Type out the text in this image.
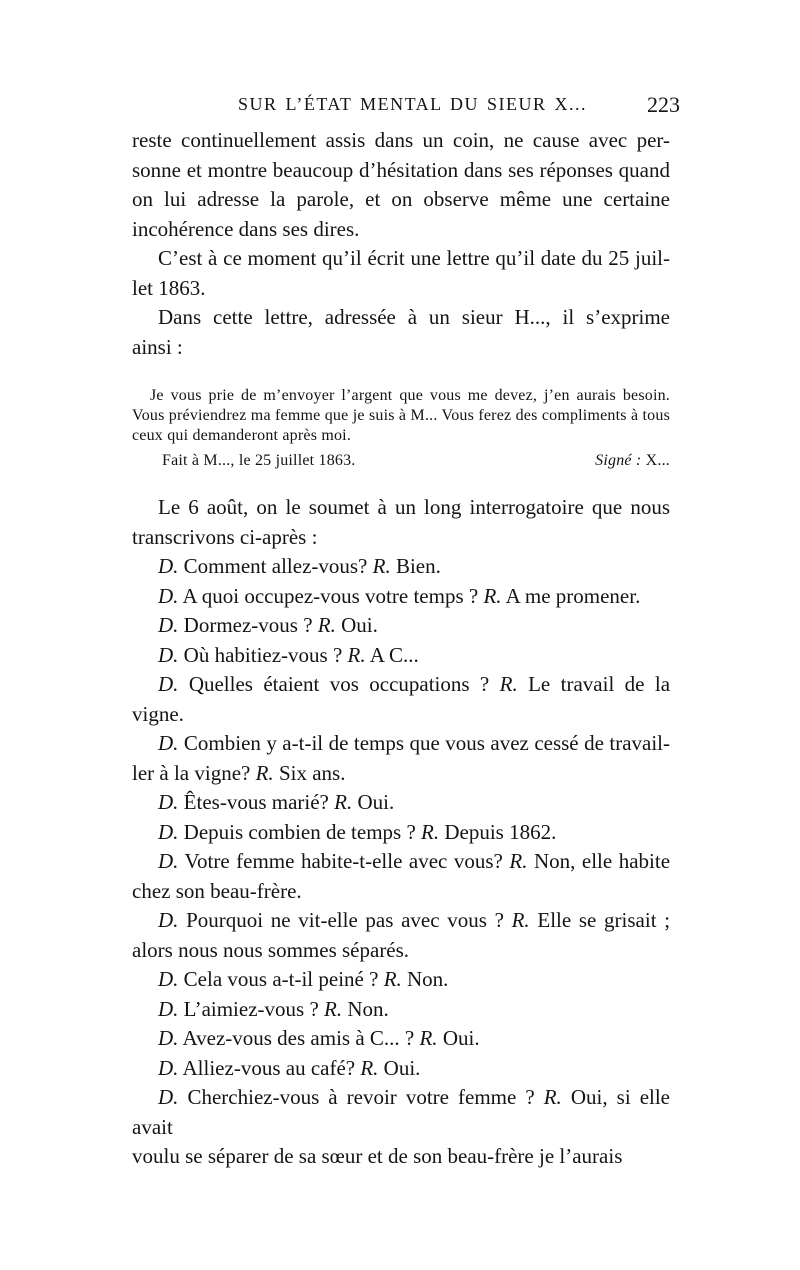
SUR L’ÉTAT MENTAL DU SIEUR X...	223

reste continuellement assis dans un coin, ne cause avec per-

sonne et montre beaucoup d’hésitation dans ses réponses quand

on lui adresse la parole, et on observe même une certaine

incohérence dans ses dires.

C’est à ce moment qu’il écrit une lettre qu’il date du 25 juil-

let 1863.

Dans cette lettre, adressée à un sieur H..., il s’exprime

ainsi :

Je vous prie de m’envoyer l’argent que vous me devez, j’en aurais besoin. Vous préviendrez ma femme que je suis à M... Vous ferez des compliments à tous ceux qui demanderont après moi.

Fait à M..., le 25 juillet 1863.	Signé : X...

Le 6 août, on le soumet à un long interrogatoire que nous

transcrivons ci-après :

D. Comment allez-vous? R. Bien.

D. A quoi occupez-vous votre temps ? R. A me promener.

D. Dormez-vous ? R. Oui.

D. Où habitiez-vous ? R. A C...

D. Quelles étaient vos occupations ? R. Le travail de la vigne.

D. Combien y a-t-il de temps que vous avez cessé de travail-

ler à la vigne? R. Six ans.

D. Êtes-vous marié? R. Oui.

D. Depuis combien de temps ? R. Depuis 1862.

D. Votre femme habite-t-elle avec vous? R. Non, elle habite

chez son beau-frère.

D. Pourquoi ne vit-elle pas avec vous ? R. Elle se grisait ;

alors nous nous sommes séparés.

D. Cela vous a-t-il peiné ? R. Non.

D. L’aimiez-vous ? R. Non.

D. Avez-vous des amis à C... ? R. Oui.

D. Alliez-vous au café? R. Oui.

D. Cherchiez-vous à revoir votre femme ? R. Oui, si elle avait

voulu se séparer de sa sœur et de son beau-frère je l’aurais
